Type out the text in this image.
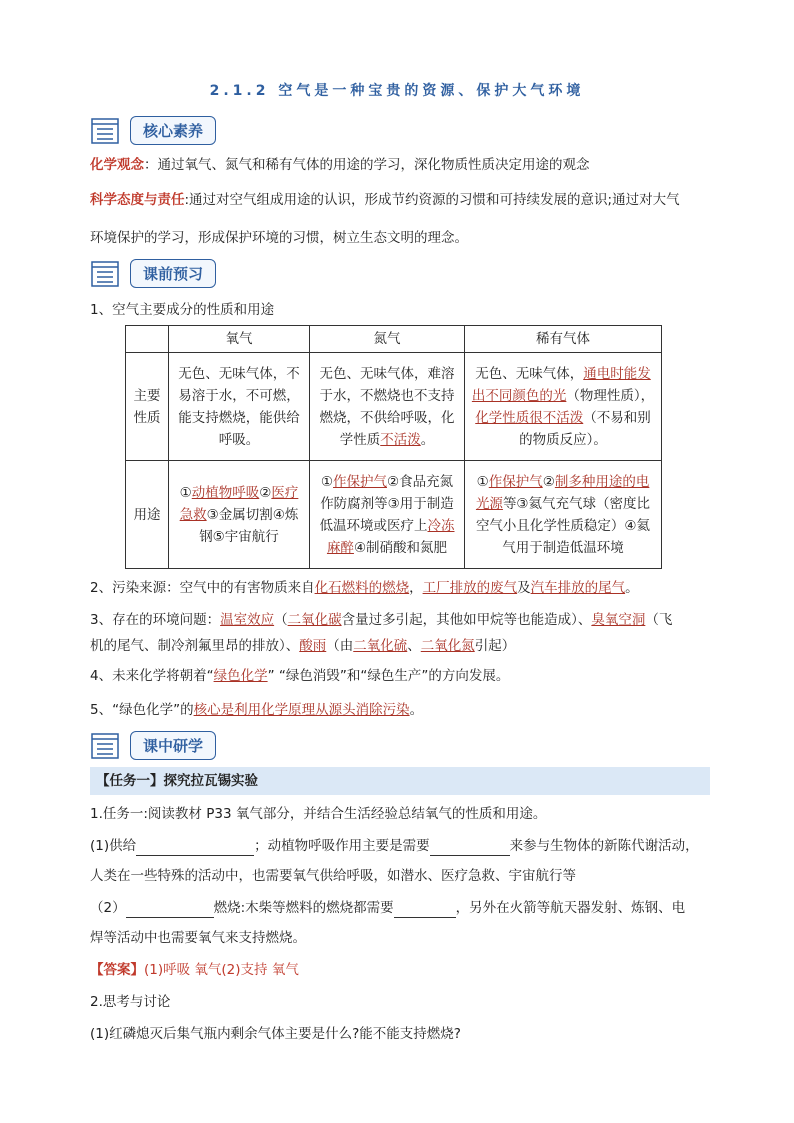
2.1.2 空气是一种宝贵的资源、保护大气环境
核心素养
化学观念：通过氧气、氮气和稀有气体的用途的学习，深化物质性质决定用途的观念
科学态度与责任:通过对空气组成用途的认识，形成节约资源的习惯和可持续发展的意识;通过对大气
环境保护的学习，形成保护环境的习惯，树立生态文明的理念。
课前预习
1、空气主要成分的性质和用途
	氧气	氮气	稀有气体
主要性质	无色、无味气体，不易溶于水，不可燃，能支持燃烧，能供给呼吸。	无色、无味气体，难溶于水，不燃烧也不支持燃烧，不供给呼吸，化学性质不活泼。	无色、无味气体，通电时能发出不同颜色的光（物理性质），化学性质很不活泼（不易和别的物质反应）。
用途	①动植物呼吸②医疗急救③金属切割④炼钢⑤宇宙航行	①作保护气②食品充氮作防腐剂等③用于制造低温环境或医疗上冷冻麻醉④制硝酸和氮肥	①作保护气②制多种用途的电光源等③氦气充气球（密度比空气小且化学性质稳定）④氦气用于制造低温环境
2、污染来源：空气中的有害物质来自化石燃料的燃烧，工厂排放的废气及汽车排放的尾气。
3、存在的环境问题：温室效应（二氧化碳含量过多引起，其他如甲烷等也能造成）、臭氧空洞（飞
机的尾气、制冷剂氟里昂的排放）、酸雨（由二氧化硫、二氧化氮引起）
4、未来化学将朝着“绿色化学” “绿色消毁”和“绿色生产”的方向发展。
5、“绿色化学”的核心是利用化学原理从源头消除污染。
课中研学
【任务一】探究拉瓦锡实验
1.任务一:阅读教材 P33 氧气部分，并结合生活经验总结氧气的性质和用途。
(1)供给	；动植物呼吸作用主要是需要	来参与生物体的新陈代谢活动，
人类在一些特殊的活动中，也需要氧气供给呼吸，如潜水、医疗急救、宇宙航行等
（2）	燃烧:木柴等燃料的燃烧都需要	，另外在火箭等航天器发射、炼钢、电
焊等活动中也需要氧气来支持燃烧。
【答案】(1)呼吸 氧气(2)支持 氧气
2.思考与讨论
(1)红磷熄灭后集气瓶内剩余气体主要是什么?能不能支持燃烧?
